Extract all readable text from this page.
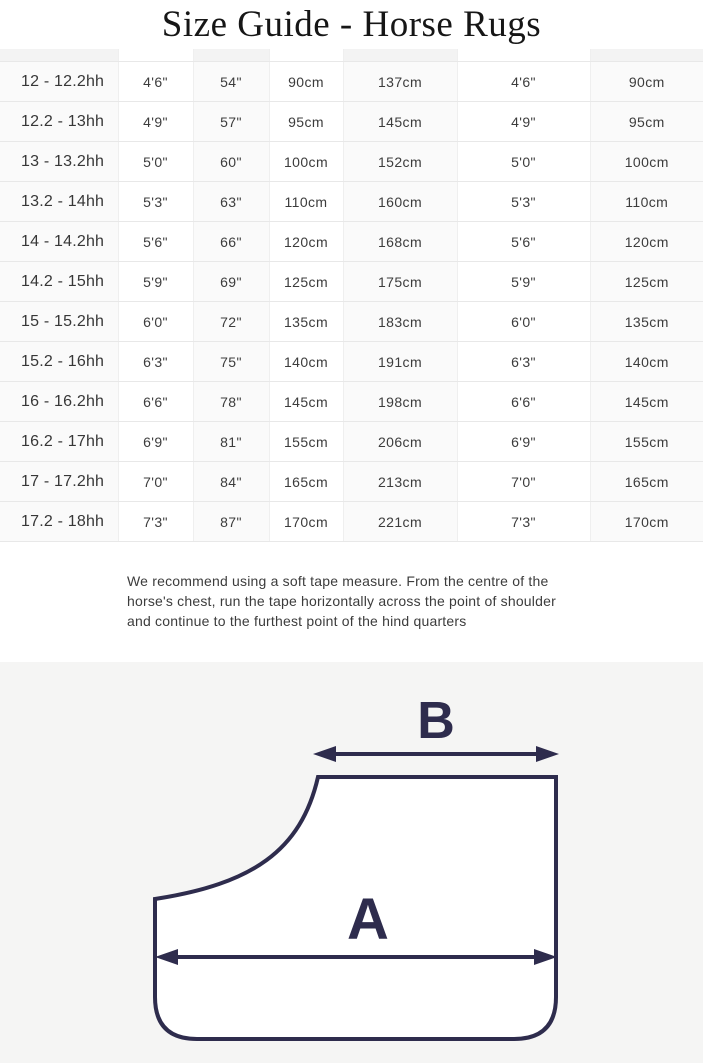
Size Guide - Horse Rugs

12 - 12.2hh	4'6"	54"	90cm	137cm	4'6"	90cm
12.2 - 13hh	4'9"	57"	95cm	145cm	4'9"	95cm
13 - 13.2hh	5'0"	60"	100cm	152cm	5'0"	100cm
13.2 - 14hh	5'3"	63"	110cm	160cm	5'3"	110cm
14 - 14.2hh	5'6"	66"	120cm	168cm	5'6"	120cm
14.2 - 15hh	5'9"	69"	125cm	175cm	5'9"	125cm
15 - 15.2hh	6'0"	72"	135cm	183cm	6'0"	135cm
15.2 - 16hh	6'3"	75"	140cm	191cm	6'3"	140cm
16 - 16.2hh	6'6"	78"	145cm	198cm	6'6"	145cm
16.2 - 17hh	6'9"	81"	155cm	206cm	6'9"	155cm
17 - 17.2hh	7'0"	84"	165cm	213cm	7'0"	165cm
17.2 - 18hh	7'3"	87"	170cm	221cm	7'3"	170cm
We recommend using a soft tape measure. From the centre of the
horse's chest, run the tape horizontally across the point of shoulder
and continue to the furthest point of the hind quarters
B
A
